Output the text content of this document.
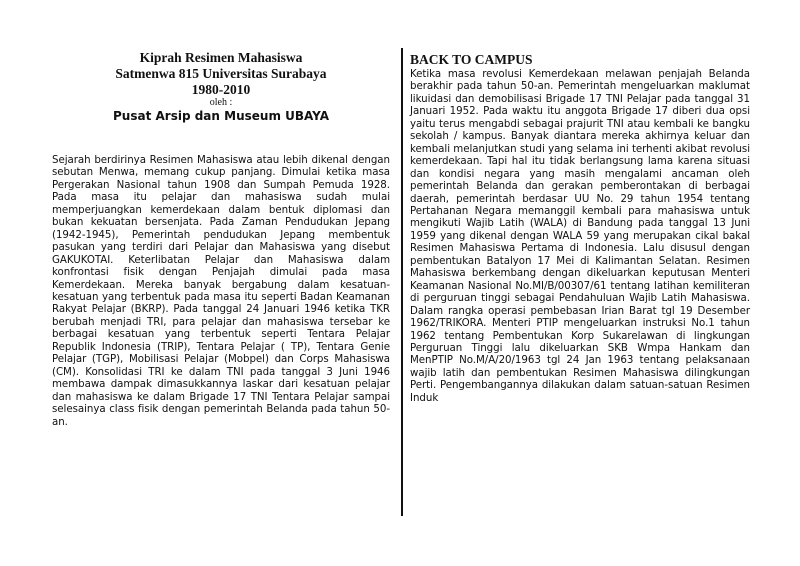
Kiprah Resimen Mahasiswa
Satmenwa 815 Universitas Surabaya
1980-2010
oleh :
Pusat Arsip dan Museum UBAYA
Sejarah berdirinya Resimen Mahasiswa atau lebih dikenal dengan sebutan Menwa, memang cukup panjang. Dimulai ketika masa Pergerakan Nasional tahun 1908 dan Sumpah Pemuda 1928. Pada masa itu pelajar dan mahasiswa sudah mulai memperjuangkan kemerdekaan dalam bentuk diplomasi dan bukan kekuatan bersenjata. Pada Zaman Pendudukan Jepang (1942-1945), Pemerintah pendudukan Jepang membentuk pasukan yang terdiri dari Pelajar dan Mahasiswa yang disebut GAKUKOTAI. Keterlibatan Pelajar dan Mahasiswa dalam konfrontasi fisik dengan Penjajah dimulai pada masa Kemerdekaan. Mereka banyak bergabung dalam kesatuan-kesatuan yang terbentuk pada masa itu seperti Badan Keamanan Rakyat Pelajar (BKRP). Pada tanggal 24 Januari 1946 ketika TKR berubah menjadi TRI, para pelajar dan mahasiswa tersebar ke berbagai kesatuan yang terbentuk seperti Tentara Pelajar Republik Indonesia (TRIP), Tentara Pelajar ( TP), Tentara Genie Pelajar (TGP), Mobilisasi Pelajar (Mobpel) dan Corps Mahasiswa (CM). Konsolidasi TRI ke dalam TNI pada tanggal 3 Juni 1946 membawa dampak dimasukkannya laskar dari kesatuan pelajar dan mahasiswa ke dalam Brigade 17 TNI Tentara Pelajar sampai selesainya class fisik dengan pemerintah Belanda pada tahun 50-an.
BACK TO CAMPUS
Ketika masa revolusi Kemerdekaan melawan penjajah Belanda berakhir pada tahun 50-an. Pemerintah mengeluarkan maklumat likuidasi dan demobilisasi Brigade 17 TNI Pelajar pada tanggal 31 Januari 1952. Pada waktu itu anggota Brigade 17 diberi dua opsi yaitu terus mengabdi sebagai prajurit TNI atau kembali ke bangku sekolah / kampus. Banyak diantara mereka akhirnya keluar dan kembali melanjutkan studi yang selama ini terhenti akibat revolusi kemerdekaan. Tapi hal itu tidak berlangsung lama karena situasi dan kondisi negara yang masih mengalami ancaman oleh pemerintah Belanda dan gerakan pemberontakan di berbagai daerah, pemerintah berdasar UU No. 29 tahun 1954 tentang Pertahanan Negara memanggil kembali para mahasiswa untuk mengikuti Wajib Latih (WALA) di Bandung pada tanggal 13 Juni 1959 yang dikenal dengan WALA 59 yang merupakan cikal bakal Resimen Mahasiswa Pertama di Indonesia. Lalu disusul dengan pembentukan Batalyon 17 Mei di Kalimantan Selatan. Resimen Mahasiswa berkembang dengan dikeluarkan keputusan Menteri Keamanan Nasional No.MI/B/00307/61 tentang latihan kemiliteran di perguruan tinggi sebagai Pendahuluan Wajib Latih Mahasiswa. Dalam rangka operasi pembebasan Irian Barat tgl 19 Desember 1962/TRIKORA. Menteri PTIP mengeluarkan instruksi No.1 tahun 1962 tentang Pembentukan Korp Sukarelawan di lingkungan Perguruan Tinggi lalu dikeluarkan SKB Wmpa Hankam dan MenPTIP No.M/A/20/1963 tgl 24 Jan 1963 tentang pelaksanaan wajib latih dan pembentukan Resimen Mahasiswa dilingkungan Perti. Pengembangannya dilakukan dalam satuan-satuan Resimen Induk
